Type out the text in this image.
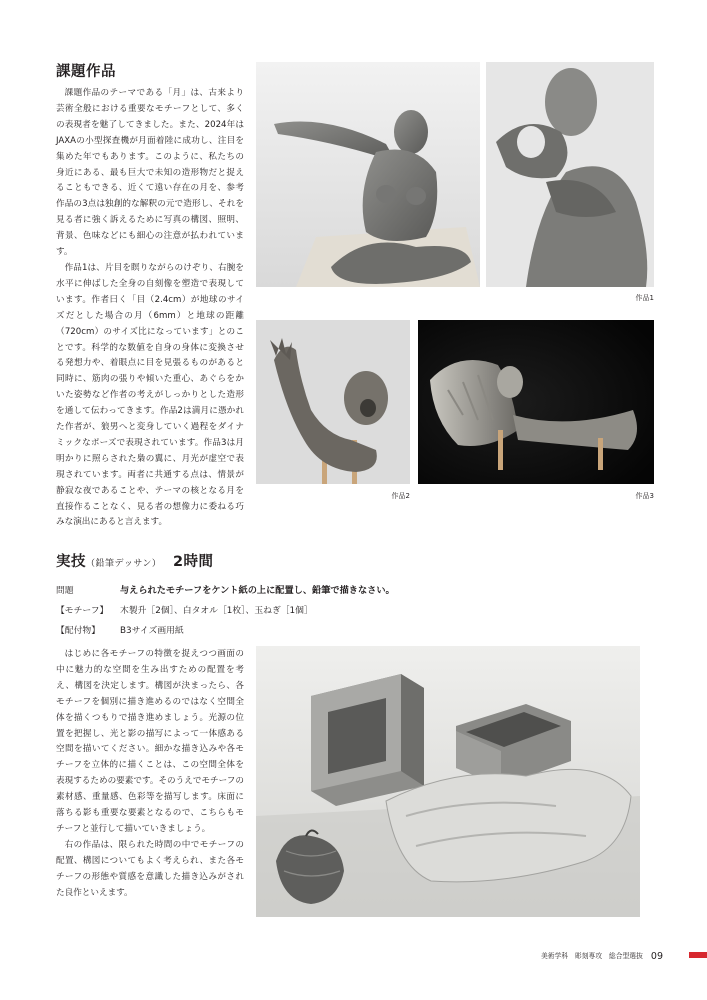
課題作品

課題作品のテーマである「月」は、古来より芸術全般における重要なモチーフとして、多くの表現者を魅了してきました。また、2024年はJAXAの小型探査機が月面着陸に成功し、注目を集めた年でもあります。このように、私たちの身近にある、最も巨大で未知の造形物だと捉えることもできる、近くて遠い存在の月を、参考作品の3点は独創的な解釈の元で造形し、それを見る者に強く訴えるために写真の構図、照明、背景、色味などにも細心の注意が払われています。

作品1は、片目を瞑りながらのけぞり、右腕を水平に伸ばした全身の自刻像を塑造で表現しています。作者曰く「目（2.4cm）が地球のサイズだとした場合の月（6mm）と地球の距離（720cm）のサイズ比になっています」とのことです。科学的な数値を自身の身体に変換させる発想力や、着眼点に目を見張るものがあると同時に、筋肉の張りや傾いた重心、あぐらをかいた姿勢など作者の考えがしっかりとした造形を通して伝わってきます。作品2は満月に憑かれた作者が、狼男へと変身していく過程をダイナミックなポーズで表現されています。作品3は月明かりに照らされた梟の翼に、月光が虚空で表現されています。両者に共通する点は、情景が静寂な夜であることや、テーマの核となる月を直接作ることなく、見る者の想像力に委ねる巧みな演出にあると言えます。

作品1
作品2	作品3
実技（鉛筆デッサン） 2時間
問題	与えられたモチーフをケント紙の上に配置し、鉛筆で描きなさい。
【モチーフ】 木製升［2個］、白タオル［1枚］、玉ねぎ［1個］
【配付物】 B3サイズ画用紙

はじめに各モチーフの特徴を捉えつつ画面の中に魅力的な空間を生み出すための配置を考え、構図を決定します。構図が決まったら、各モチーフを個別に描き進めるのではなく空間全体を描くつもりで描き進めましょう。光源の位置を把握し、光と影の描写によって一体感ある空間を描いてください。細かな描き込みや各モチーフを立体的に描くことは、この空間全体を表現するための要素です。そのうえでモチーフの素材感、重量感、色彩等を描写します。床面に落ちる影も重要な要素となるので、こちらもモチーフと並行して描いていきましょう。

右の作品は、限られた時間の中でモチーフの配置、構図についてもよく考えられ、また各モチーフの形態や質感を意識した描き込みがされた良作といえます。

美術学科　彫刻専攻　総合型選抜 09
